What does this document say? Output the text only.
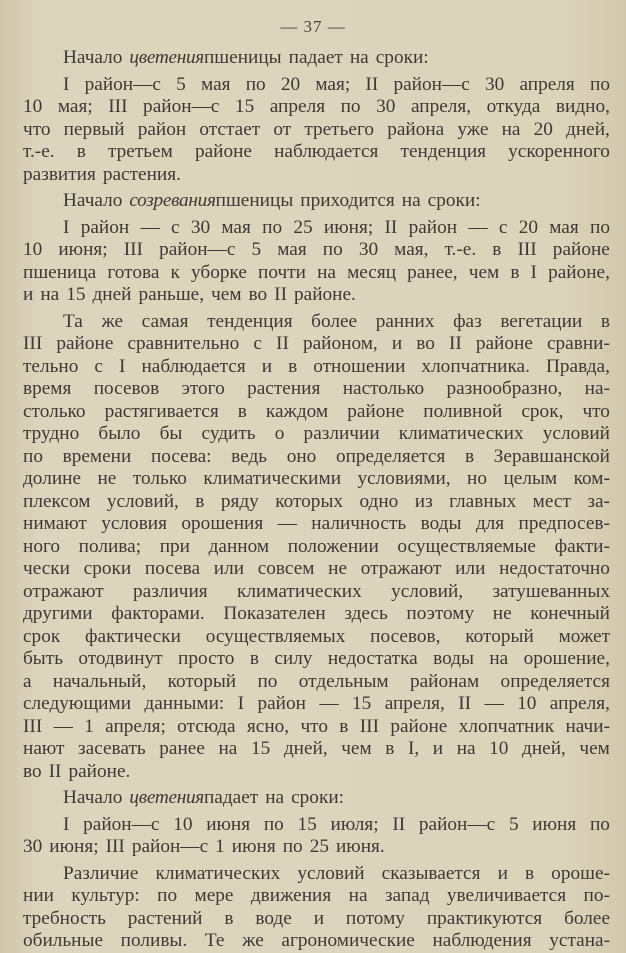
— 37 —
Начало цветения пшеницы падает на сроки:
I район—с 5 мая по 20 мая; II район—с 30 апреля по
10 мая; III район—с 15 апреля по 30 апреля, откуда видно,
что первый район отстает от третьего района уже на 20 дней,
т.-е. в третьем районе наблюдается тенденция ускоренного
развития растения.
Начало созревания пшеницы приходится на сроки:
I район — с 30 мая по 25 июня; II район — с 20 мая по
10 июня; III район—с 5 мая по 30 мая, т.-е. в III районе
пшеница готова к уборке почти на месяц ранее, чем в I районе,
и на 15 дней раньше, чем во II районе.
Та же самая тенденция более ранних фаз вегетации в
III районе сравнительно с II районом, и во II районе сравни-
тельно с I наблюдается и в отношении хлопчатника. Правда,
время посевов этого растения настолько разнообразно, на-
столько растягивается в каждом районе поливной срок, что
трудно было бы судить о различии климатических условий
по времени посева: ведь оно определяется в Зеравшанской
долине не только климатическими условиями, но целым ком-
плексом условий, в ряду которых одно из главных мест за-
нимают условия орошения — наличность воды для предпосев-
ного полива; при данном положении осуществляемые факти-
чески сроки посева или совсем не отражают или недостаточно
отражают различия климатических условий, затушеванных
другими факторами. Показателен здесь поэтому не конечный
срок фактически осуществляемых посевов, который может
быть отодвинут просто в силу недостатка воды на орошение,
а начальный, который по отдельным районам определяется
следующими данными: I район — 15 апреля, II — 10 апреля,
III — 1 апреля; отсюда ясно, что в III районе хлопчатник начи-
нают засевать ранее на 15 дней, чем в I, и на 10 дней, чем
во II районе.
Начало цветения падает на сроки:
I район—с 10 июня по 15 июля; II район—с 5 июня по
30 июня; III район—с 1 июня по 25 июня.
Различие климатических условий сказывается и в ороше-
нии культур: по мере движения на запад увеличивается по-
требность растений в воде и потому практикуются более
обильные поливы. Те же агрономические наблюдения устана-
